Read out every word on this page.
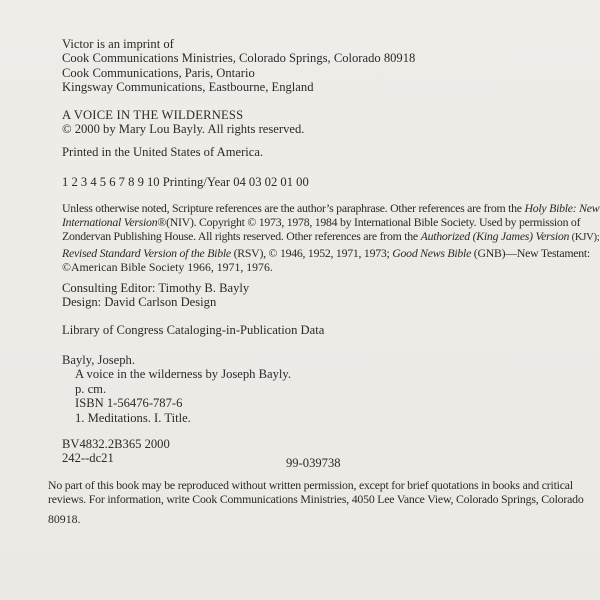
Victor is an imprint of
Cook Communications Ministries, Colorado Springs, Colorado 80918
Cook Communications, Paris, Ontario
Kingsway Communications, Eastbourne, England
A VOICE IN THE WILDERNESS
© 2000 by Mary Lou Bayly. All rights reserved.
Printed in the United States of America.
1 2 3 4 5 6 7 8 9 10 Printing/Year 04 03 02 01 00
Unless otherwise noted, Scripture references are the author’s paraphrase. Other references are from the Holy Bible: New
International Version®(NIV). Copyright © 1973, 1978, 1984 by International Bible Society. Used by permission of
Zondervan Publishing House. All rights reserved. Other references are from the Authorized (King James) Version (KJV);
Revised Standard Version of the Bible (RSV), © 1946, 1952, 1971, 1973; Good News Bible (GNB)—New Testament:
©American Bible Society 1966, 1971, 1976.
Consulting Editor: Timothy B. Bayly
Design: David Carlson Design
Library of Congress Cataloging-in-Publication Data
Bayly, Joseph.
A voice in the wilderness by Joseph Bayly.
p. cm.
ISBN 1-56476-787-6
1. Meditations. I. Title.
BV4832.2B365 2000
242--dc21	99-039738
No part of this book may be reproduced without written permission, except for brief quotations in books and critical
reviews. For information, write Cook Communications Ministries, 4050 Lee Vance View, Colorado Springs, Colorado
80918.
